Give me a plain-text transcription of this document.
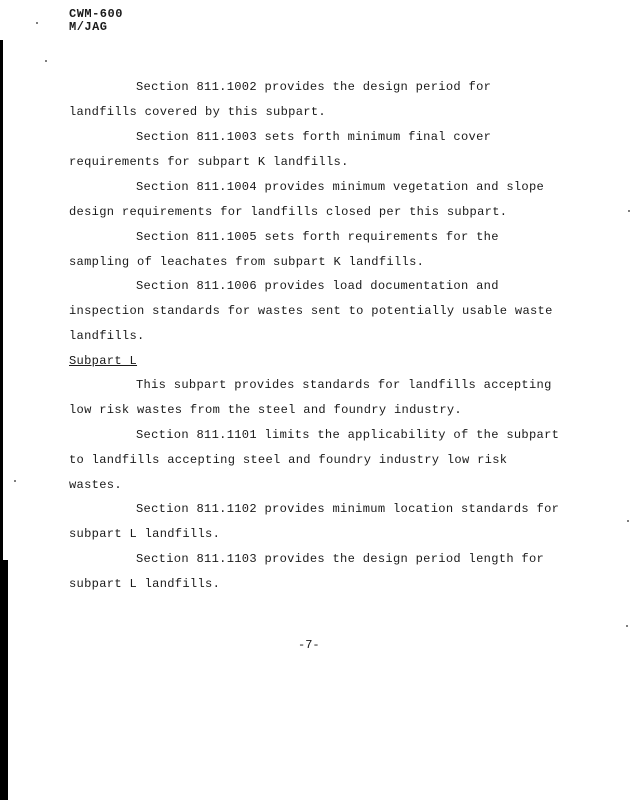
CWM-600
M/JAG
Section 811.1002 provides the design period for
landfills covered by this subpart.
Section 811.1003 sets forth minimum final cover
requirements for subpart K landfills.
Section 811.1004 provides minimum vegetation and slope
design requirements for landfills closed per this subpart.
Section 811.1005 sets forth requirements for the
sampling of leachates from subpart K landfills.
Section 811.1006 provides load documentation and
inspection standards for wastes sent to potentially usable waste
landfills.
Subpart L
This subpart provides standards for landfills accepting
low risk wastes from the steel and foundry industry.
Section 811.1101 limits the applicability of the subpart
to landfills accepting steel and foundry industry low risk
wastes.
Section 811.1102 provides minimum location standards for
subpart L landfills.
Section 811.1103 provides the design period length for
subpart L landfills.
-7-
